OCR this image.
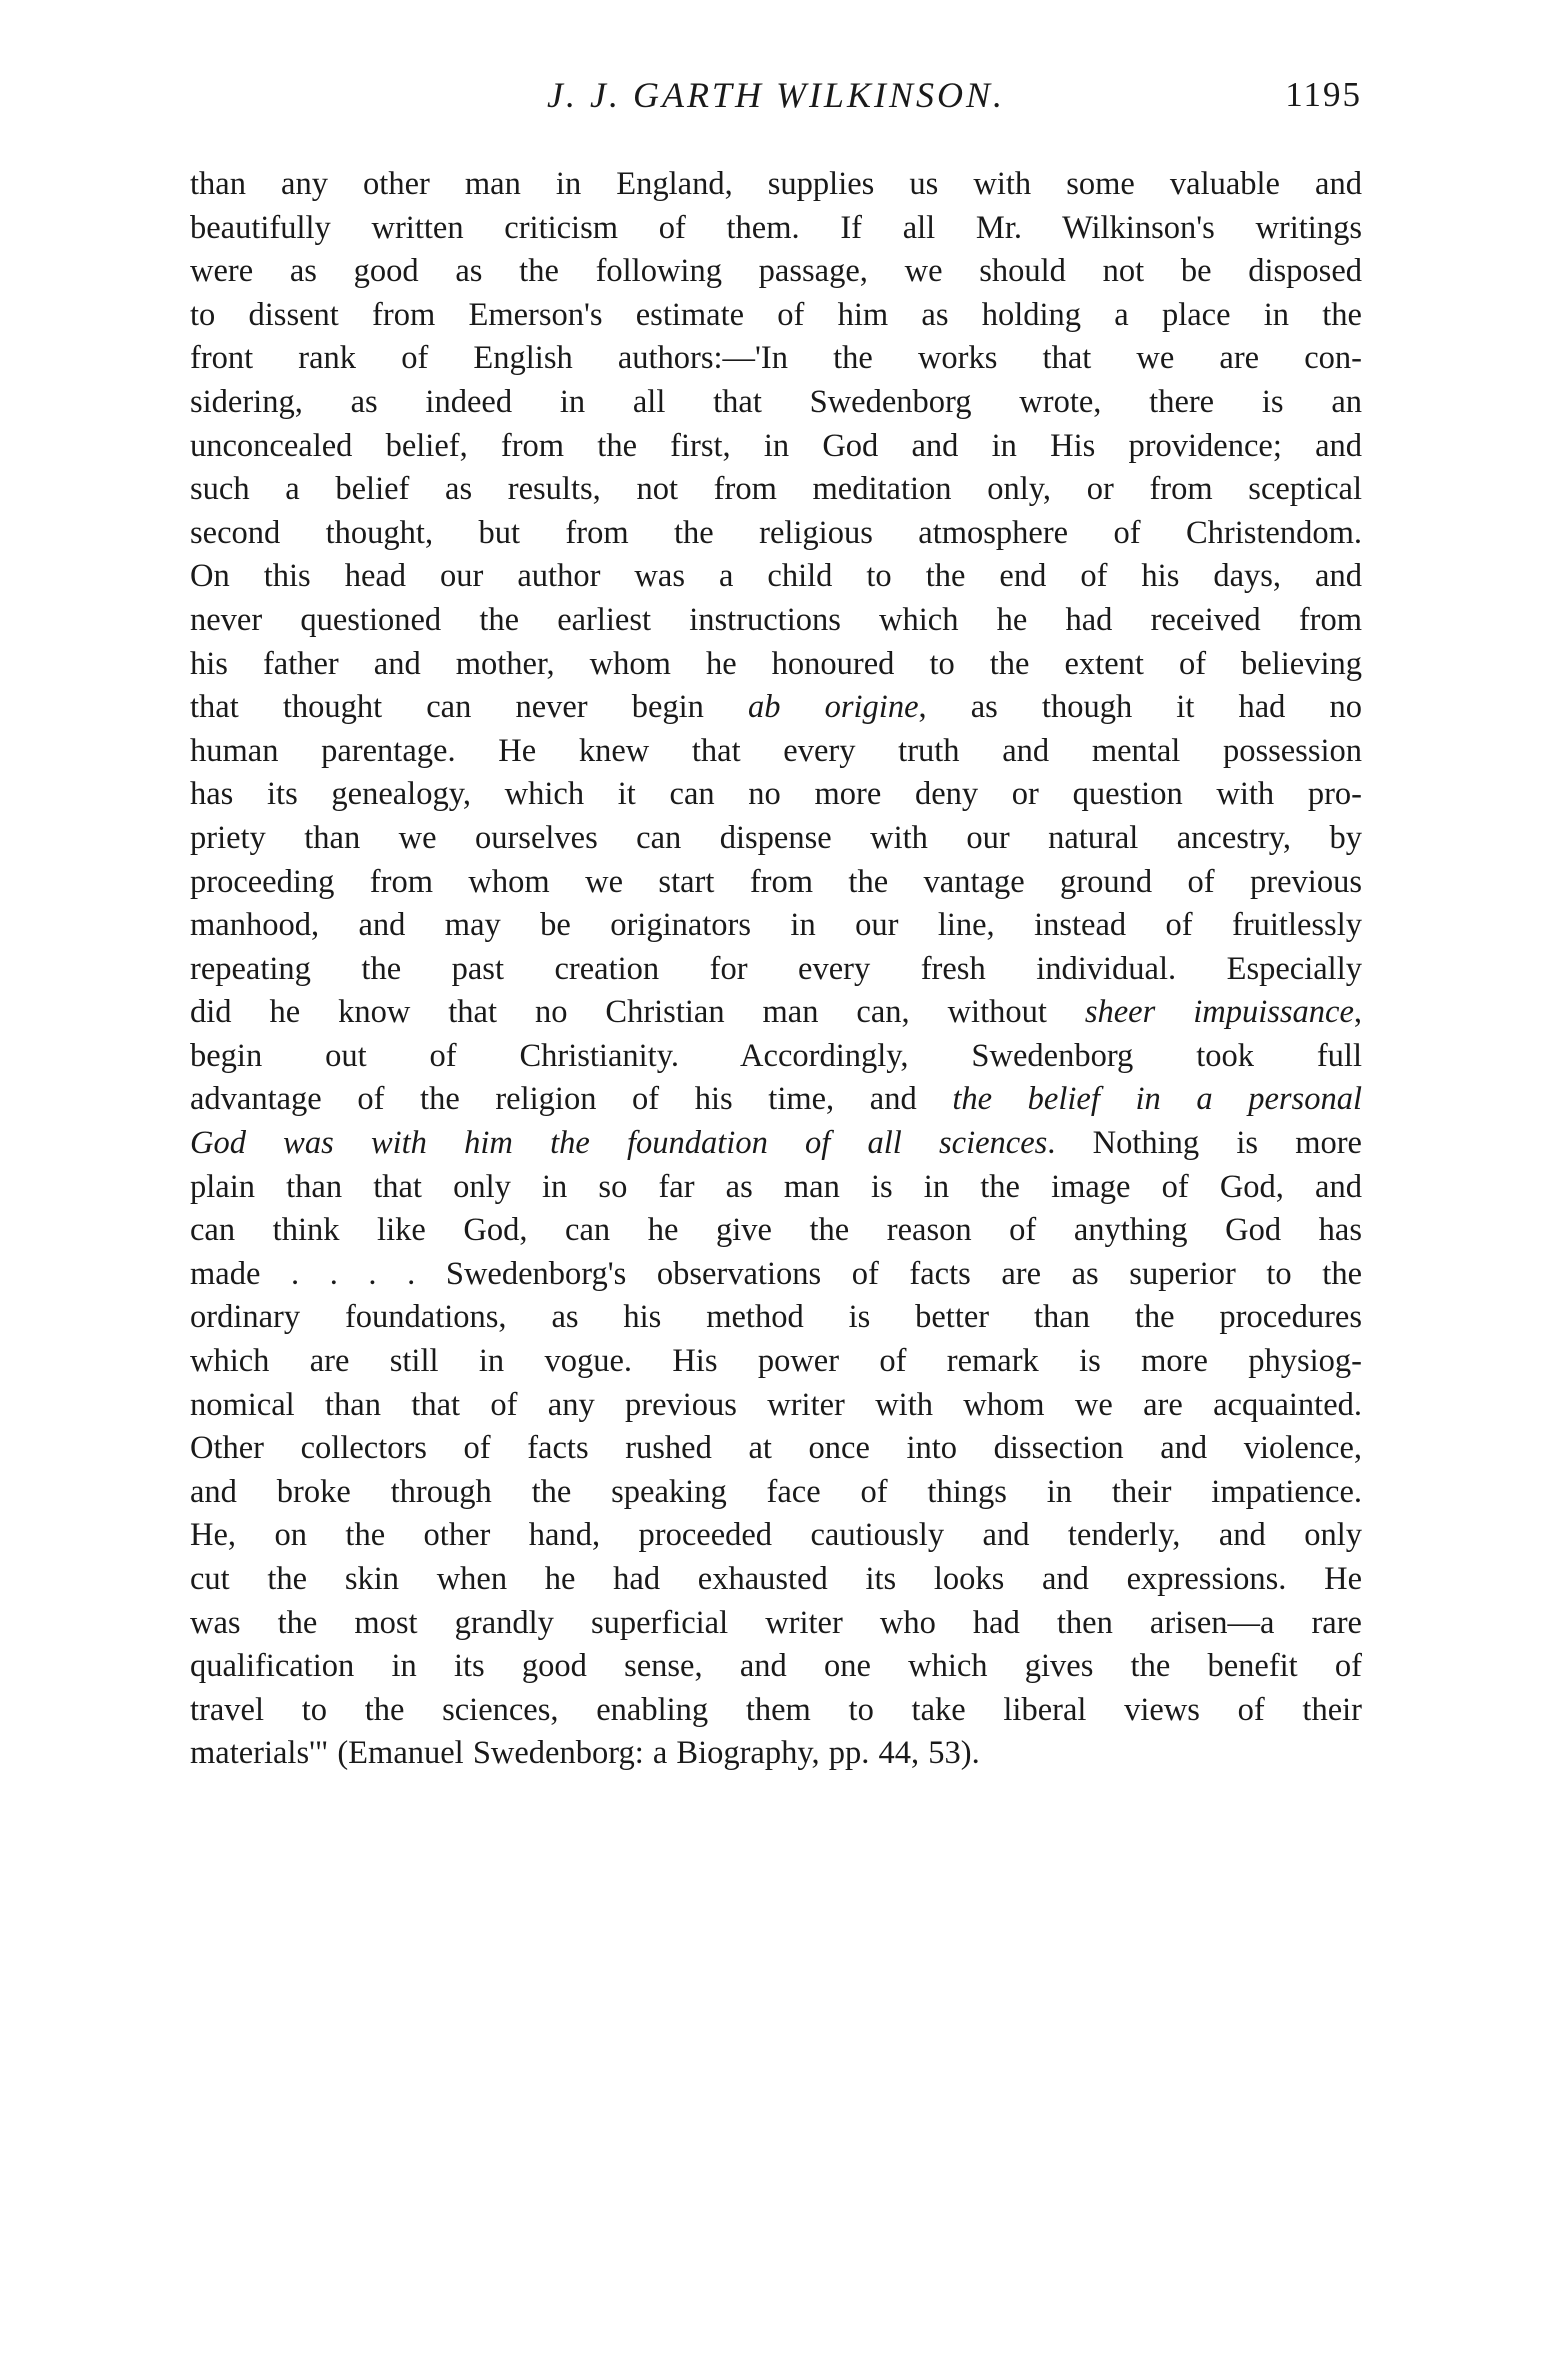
J. J. GARTH WILKINSON.	1195
than any other man in England, supplies us with some valuable and
beautifully written criticism of them. If all Mr. Wilkinson's writings
were as good as the following passage, we should not be disposed
to dissent from Emerson's estimate of him as holding a place in the
front rank of English authors:—'In the works that we are con-
sidering, as indeed in all that Swedenborg wrote, there is an
unconcealed belief, from the first, in God and in His providence; and
such a belief as results, not from meditation only, or from sceptical
second thought, but from the religious atmosphere of Christendom.
On this head our author was a child to the end of his days, and
never questioned the earliest instructions which he had received from
his father and mother, whom he honoured to the extent of believing
that thought can never begin ab origine, as though it had no
human parentage. He knew that every truth and mental possession
has its genealogy, which it can no more deny or question with pro-
priety than we ourselves can dispense with our natural ancestry, by
proceeding from whom we start from the vantage ground of previous
manhood, and may be originators in our line, instead of fruitlessly
repeating the past creation for every fresh individual. Especially
did he know that no Christian man can, without sheer impuissance,
begin out of Christianity. Accordingly, Swedenborg took full
advantage of the religion of his time, and the belief in a personal
God was with him the foundation of all sciences. Nothing is more
plain than that only in so far as man is in the image of God, and
can think like God, can he give the reason of anything God has
made . . . . Swedenborg's observations of facts are as superior to the
ordinary foundations, as his method is better than the procedures
which are still in vogue. His power of remark is more physiog-
nomical than that of any previous writer with whom we are acquainted.
Other collectors of facts rushed at once into dissection and violence,
and broke through the speaking face of things in their impatience.
He, on the other hand, proceeded cautiously and tenderly, and only
cut the skin when he had exhausted its looks and expressions. He
was the most grandly superficial writer who had then arisen—a rare
qualification in its good sense, and one which gives the benefit of
travel to the sciences, enabling them to take liberal views of their
materials'" (Emanuel Swedenborg: a Biography, pp. 44, 53).
